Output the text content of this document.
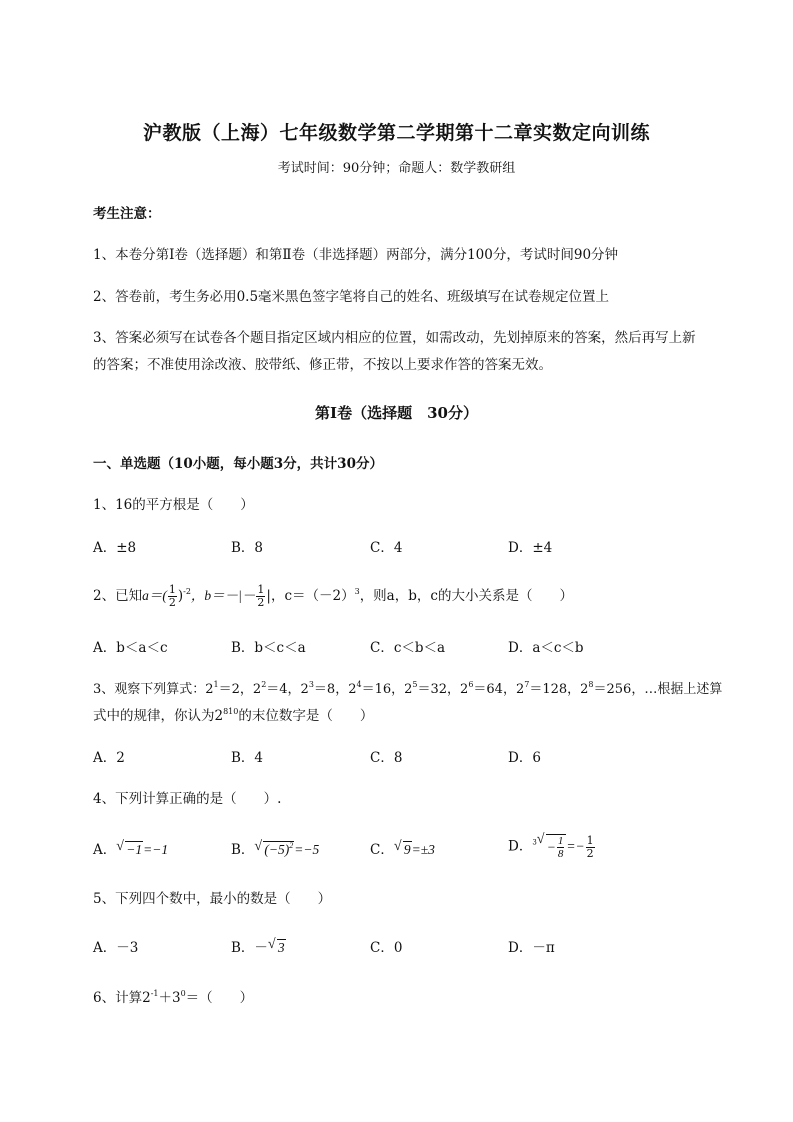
沪教版（上海）七年级数学第二学期第十二章实数定向训练
考试时间：90分钟；命题人：数学教研组
考生注意：
1、本卷分第I卷（选择题）和第Ⅱ卷（非选择题）两部分，满分100分，考试时间90分钟
2、答卷前，考生务必用0.5毫米黑色签字笔将自己的姓名、班级填写在试卷规定位置上
3、答案必须写在试卷各个题目指定区域内相应的位置，如需改动，先划掉原来的答案，然后再写上新
的答案；不准使用涂改液、胶带纸、修正带，不按以上要求作答的答案无效。
第I卷（选择题　30分）
一、单选题（10小题，每小题3分，共计30分）
1、16的平方根是（　　）
A．±8	B．8	C．4	D．±4
2、已知$a=( \frac{1}{2} )^{-2}$，$b=-|- \frac{1}{2}$ |，$c=(-2)^3$，则a，b，c的大小关系是（　　）
A．b＜a＜c	B．b＜c＜a	C．c＜b＜a	D．a＜c＜b
3、观察下列算式：$2^1=2$，$2^2=4$，$2^3=8$，$2^4=16$，$2^5=32$，$2^6=64$，$2^7=128$，$2^8=256$，…根据上述算
式中的规律，你认为$2^{810}$的末位数字是（　　）
A．2	B．4	C．8	D．6
4、下列计算正确的是（　　）.
A． √ −1=−1	B． √ $(-5)^2=-5$	C． √ 9=±3	D．$^3$ √ − $\frac{1}{8} =- \frac{1}{2}$
5、下列四个数中，最小的数是（　　）
A．－3	B．－ √ 3	C．0	D．－π
6、计算$2^{-1}+3^0=$（　　）
